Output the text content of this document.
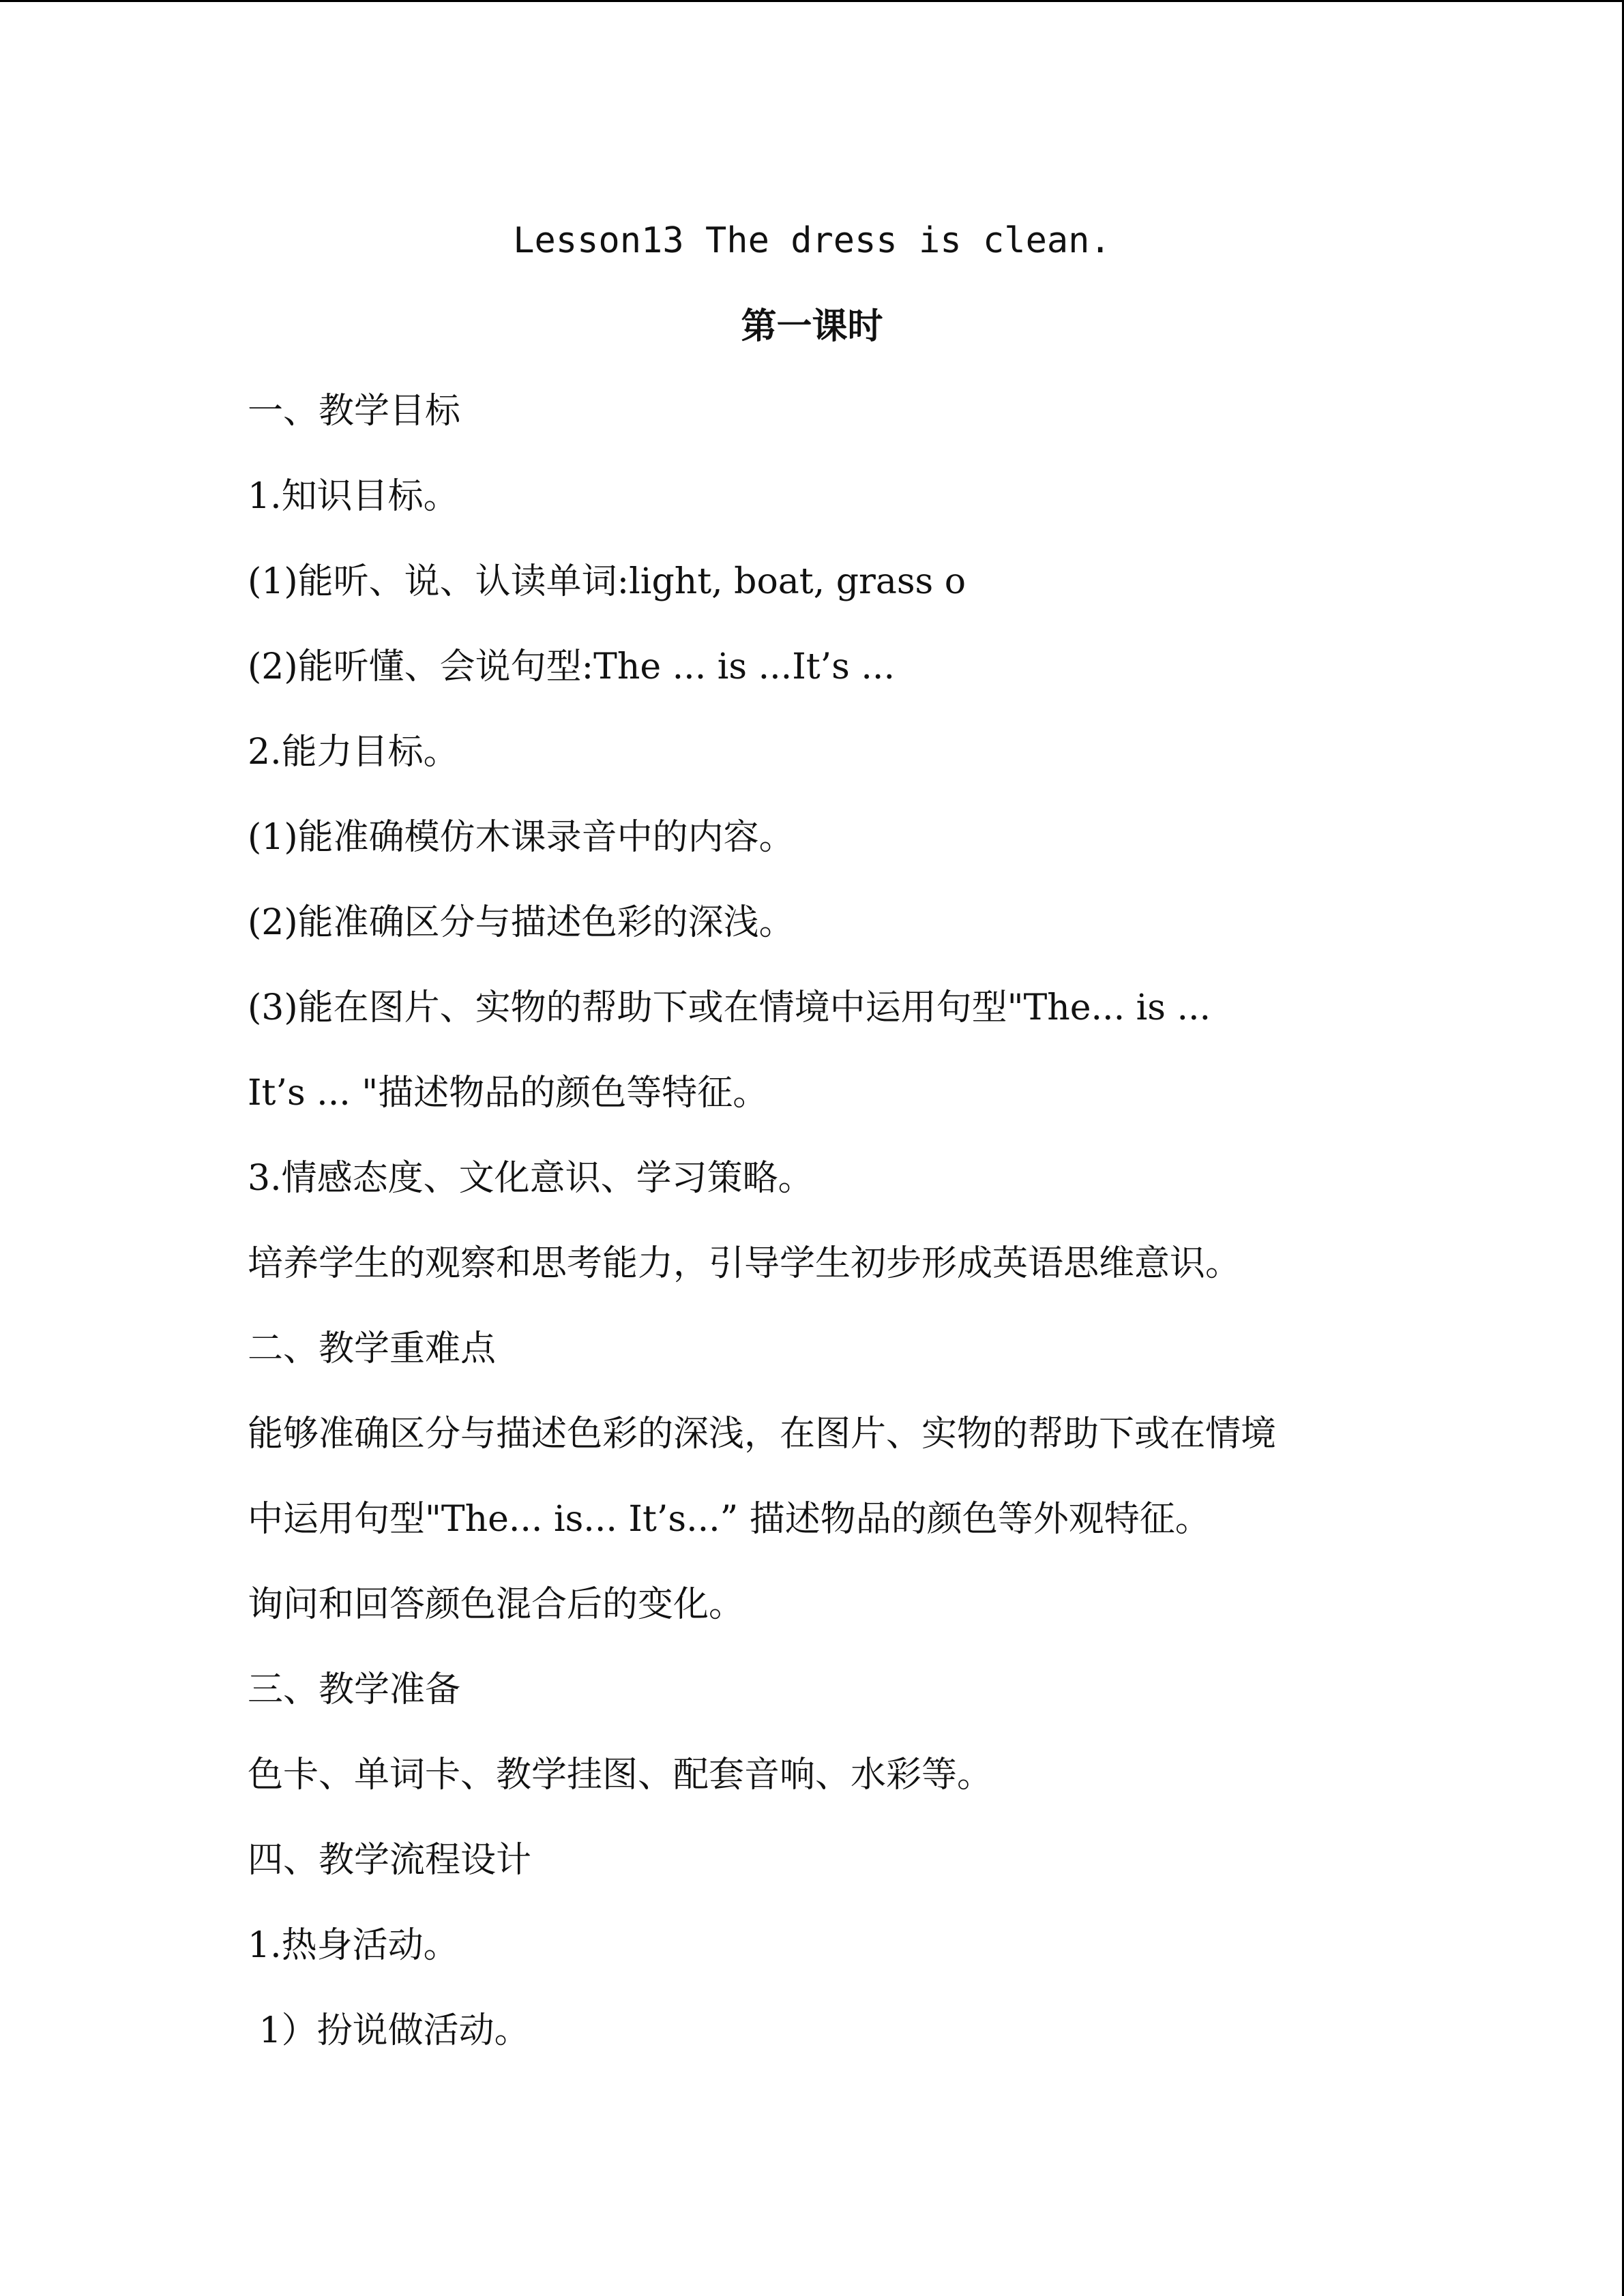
Lesson13 The dress is clean.
第一课时
一、教学目标
1.知识目标。
(1)能听、说、认读单词:light, boat, grass o
(2)能听懂、会说句型:The ... is ...It’s ...
2.能力目标。
(1)能准确模仿木课录音中的内容。
(2)能准确区分与描述色彩的深浅。
(3)能在图片、实物的帮助下或在情境中运用句型"The... is ...
It’s ... "描述物品的颜色等特征。
3.情感态度、文化意识、学习策略。
培养学生的观察和思考能力，引导学生初步形成英语思维意识。
二、教学重难点
能够准确区分与描述色彩的深浅，在图片、实物的帮助下或在情境
中运用句型"The... is... It’s...” 描述物品的颜色等外观特征。
询问和回答颜色混合后的变化。
三、教学准备
色卡、单词卡、教学挂图、配套音响、水彩等。
四、教学流程设计
1.热身活动。
1）扮说做活动。
